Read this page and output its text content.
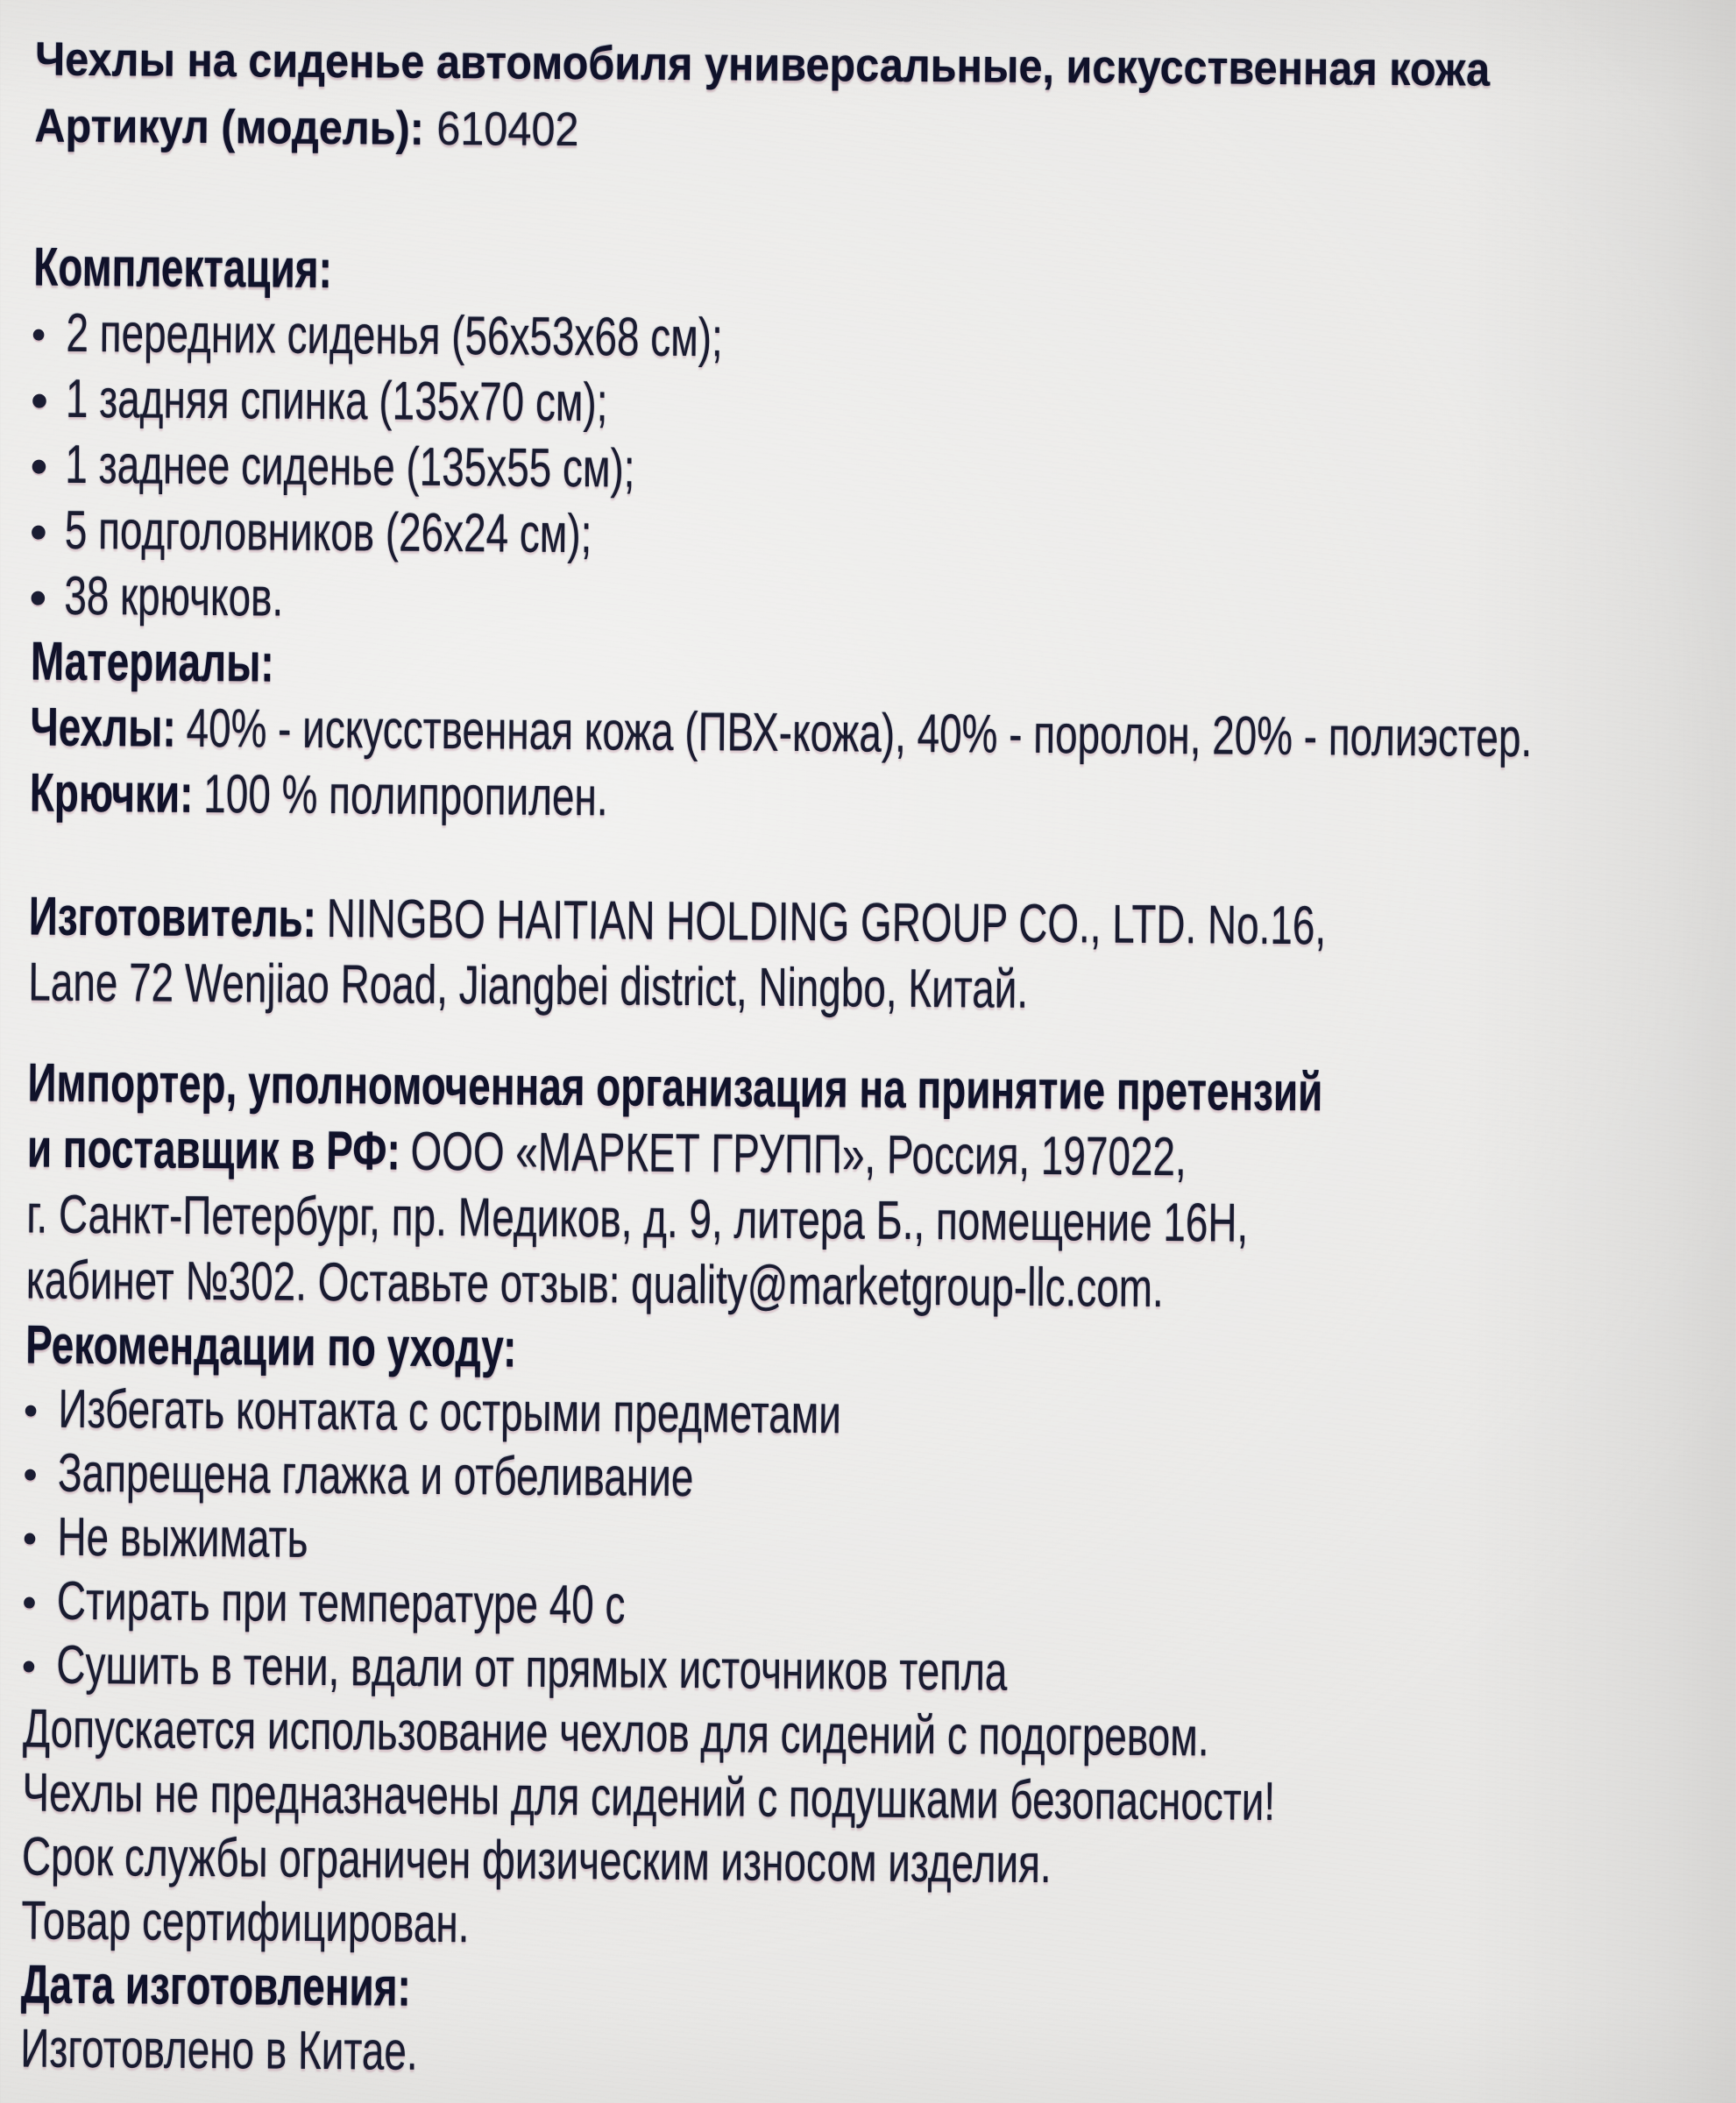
Чехлы на сиденье автомобиля универсальные, искусственная кожа
Артикул (модель): 610402
Комплектация:
2 передних сиденья (56х53х68 см);
1 задняя спинка (135х70 см);
1 заднее сиденье (135х55 см);
5 подголовников (26х24 см);
38 крючков.
Материалы:
Чехлы: 40% - искусственная кожа (ПВХ-кожа), 40% - поролон, 20% - полиэстер.
Крючки: 100 % полипропилен.
Изготовитель: NINGBO HAITIAN HOLDING GROUP CO., LTD. No.16,
Lane 72 Wenjiao Road, Jiangbei district, Ningbo, Китай.
Импортер, уполномоченная организация на принятие претензий
и поставщик в РФ: ООО «МАРКЕТ ГРУПП», Россия, 197022,
г. Санкт-Петербург, пр. Медиков, д. 9, литера Б., помещение 16Н,
кабинет №302. Оставьте отзыв: quality@marketgroup-llc.com.
Рекомендации по уходу:
Избегать контакта с острыми предметами
Запрещена глажка и отбеливание
Не выжимать
Стирать при температуре 40 с
Сушить в тени, вдали от прямых источников тепла
Допускается использование чехлов для сидений с подогревом.
Чехлы не предназначены для сидений с подушками безопасности!
Срок службы ограничен физическим износом изделия.
Товар сертифицирован.
Дата изготовления:
Изготовлено в Китае.
